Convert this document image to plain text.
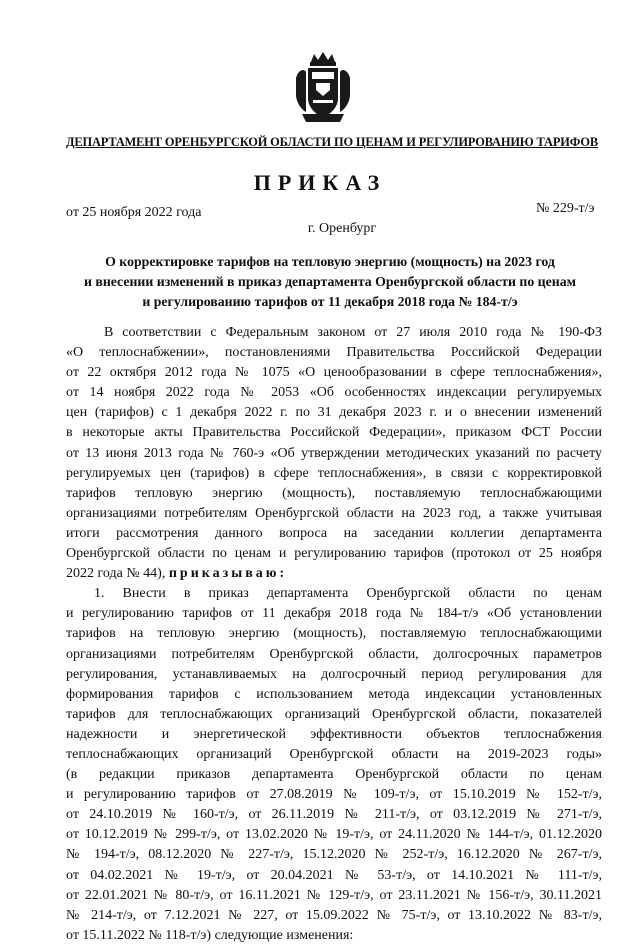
ДЕПАРТАМЕНТ ОРЕНБУРГСКОЙ ОБЛАСТИ ПО ЦЕНАМ И РЕГУЛИРОВАНИЮ ТАРИФОВ
ПРИКАЗ
от 25 ноября 2022 года	№ 229-т/э
г. Оренбург
О корректировке тарифов на тепловую энергию (мощность) на 2023 год
и внесении изменений в приказ департамента Оренбургской области по ценам
и регулированию тарифов от 11 декабря 2018 года № 184-т/э
В соответствии с Федеральным законом от 27 июля 2010 года № 190-ФЗ
«О теплоснабжении», постановлениями Правительства Российской Федерации
от 22 октября 2012 года № 1075 «О ценообразовании в сфере теплоснабжения»,
от 14 ноября 2022 года № 2053 «Об особенностях индексации регулируемых
цен (тарифов) с 1 декабря 2022 г. по 31 декабря 2023 г. и о внесении изменений
в некоторые акты Правительства Российской Федерации», приказом ФСТ России
от 13 июня 2013 года № 760-э «Об утверждении методических указаний по расчету
регулируемых цен (тарифов) в сфере теплоснабжения», в связи с корректировкой
тарифов тепловую энергию (мощность), поставляемую теплоснабжающими
организациями потребителям Оренбургской области на 2023 год, а также учитывая
итоги рассмотрения данного вопроса на заседании коллегии департамента
Оренбургской области по ценам и регулированию тарифов (протокол от 25 ноября
2022 года № 44), приказываю:
1. Внести в приказ департамента Оренбургской области по ценам
и регулированию тарифов от 11 декабря 2018 года № 184-т/э «Об установлении
тарифов на тепловую энергию (мощность), поставляемую теплоснабжающими
организациями потребителям Оренбургской области, долгосрочных параметров
регулирования, устанавливаемых на долгосрочный период регулирования для
формирования тарифов с использованием метода индексации установленных
тарифов для теплоснабжающих организаций Оренбургской области, показателей
надежности и энергетической эффективности объектов теплоснабжения
теплоснабжающих организаций Оренбургской области на 2019-2023 годы»
(в редакции приказов департамента Оренбургской области по ценам
и регулированию тарифов от 27.08.2019 № 109-т/э, от 15.10.2019 № 152-т/э,
от 24.10.2019 № 160-т/э, от 26.11.2019 № 211-т/э, от 03.12.2019 № 271-т/э,
от 10.12.2019 № 299-т/э, от 13.02.2020 № 19-т/э, от 24.11.2020 № 144-т/э, 01.12.2020
№ 194-т/э, 08.12.2020 № 227-т/э, 15.12.2020 № 252-т/э, 16.12.2020 № 267-т/э,
от 04.02.2021 № 19-т/э, от 20.04.2021 № 53-т/э, от 14.10.2021 № 111-т/э,
от 22.01.2021 № 80-т/э, от 16.11.2021 № 129-т/э, от 23.11.2021 № 156-т/э, 30.11.2021
№ 214-т/э, от 7.12.2021 № 227, от 15.09.2022 № 75-т/э, от 13.10.2022 № 83-т/э,
от 15.11.2022 № 118-т/э) следующие изменения:
